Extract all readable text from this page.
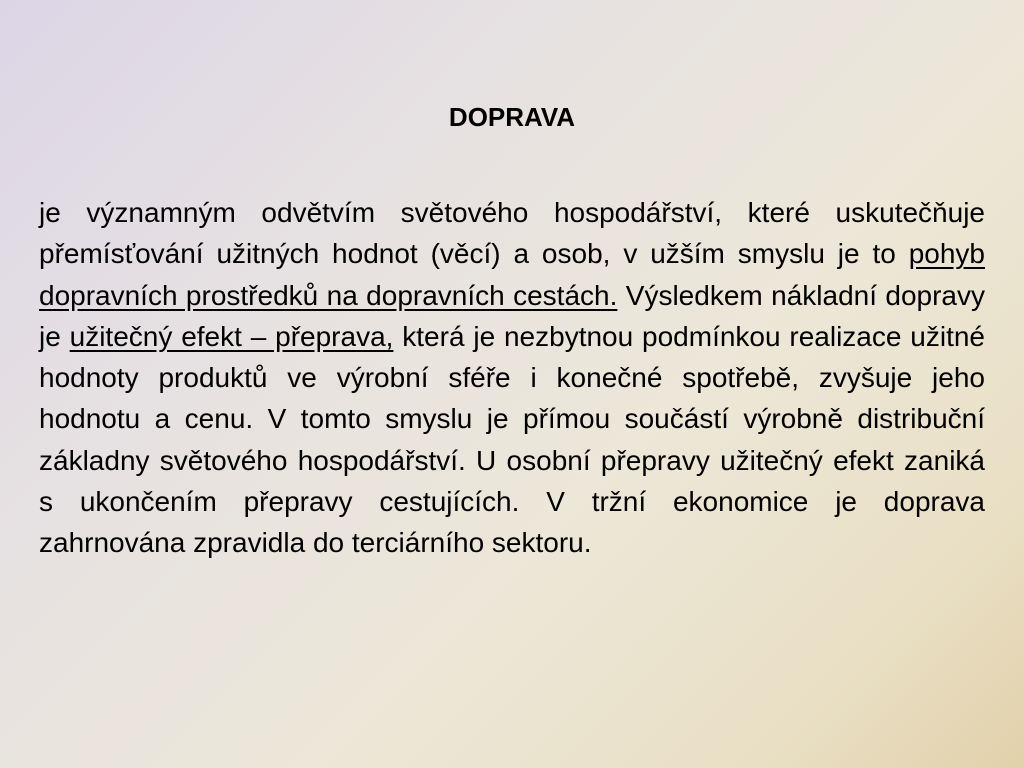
DOPRAVA

je významným odvětvím světového hospodářství, které uskutečňuje přemísťování užitných hodnot (věcí) a osob, v užším smyslu je to pohyb dopravních prostředků na dopravních cestách. Výsledkem nákladní dopravy je užitečný efekt – přeprava, která je nezbytnou podmínkou realizace užitné hodnoty produktů ve výrobní sféře i konečné spotřebě, zvyšuje jeho hodnotu a cenu. V tomto smyslu je přímou součástí výrobně distribuční základny světového hospodářství. U osobní přepravy užitečný efekt zaniká s ukončením přepravy cestujících. V tržní ekonomice je doprava zahrnována zpravidla do terciárního sektoru.
